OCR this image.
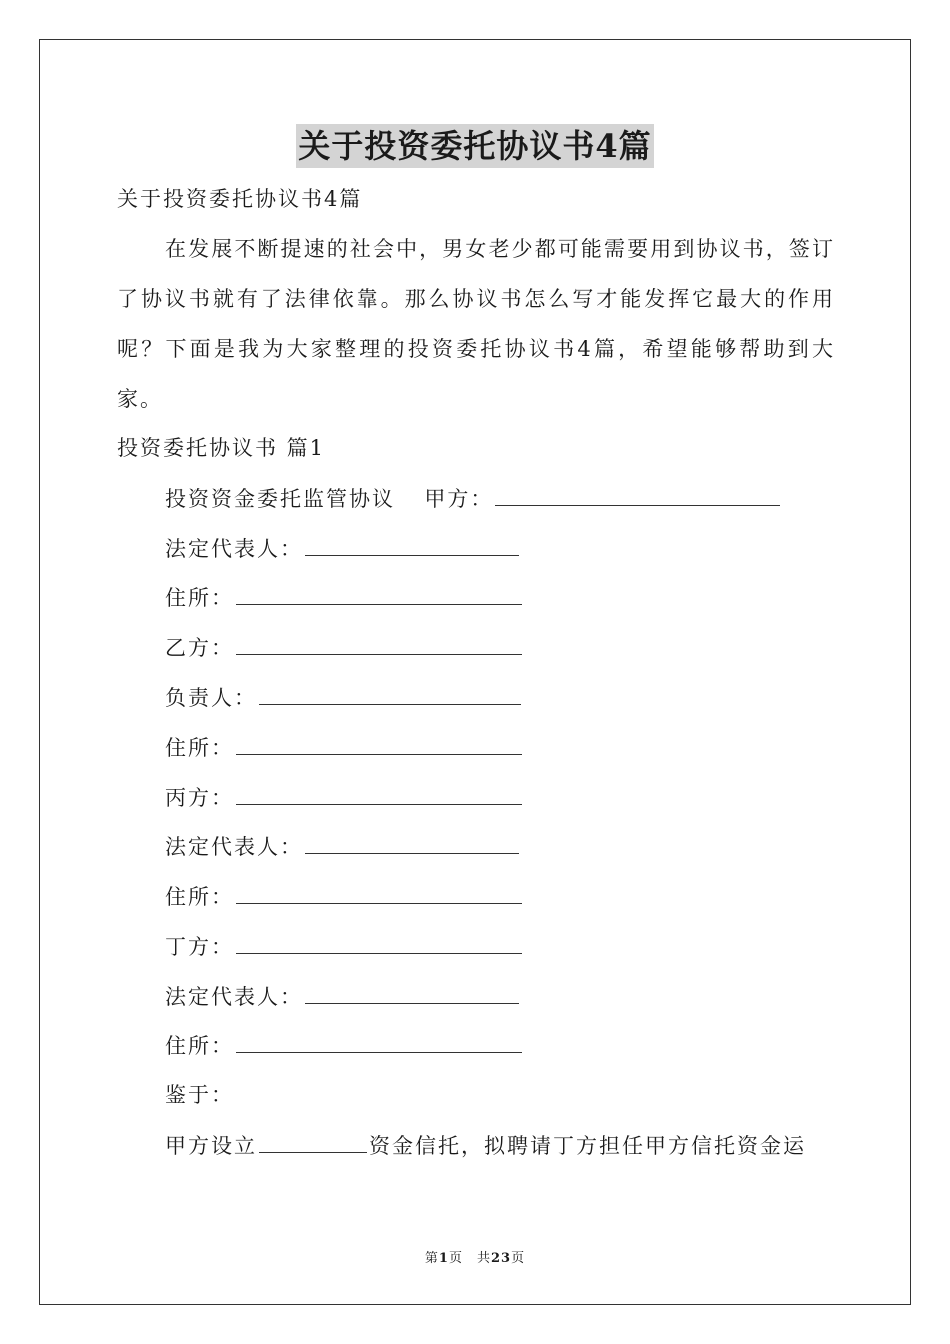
关于投资委托协议书4篇
关于投资委托协议书4篇
在发展不断提速的社会中，男女老少都可能需要用到协议书，签订了协议书就有了法律依靠。那么协议书怎么写才能发挥它最大的作用呢？下面是我为大家整理的投资委托协议书4篇，希望能够帮助到大家。
投资委托协议书 篇1
投资资金委托监管协议 甲方：
法定代表人：
住所：
乙方：
负责人：
住所：
丙方：
法定代表人：
住所：
丁方：
法定代表人：
住所：
鉴于：
甲方设立	资金信托，拟聘请丁方担任甲方信托资金运
第1页　共23页
